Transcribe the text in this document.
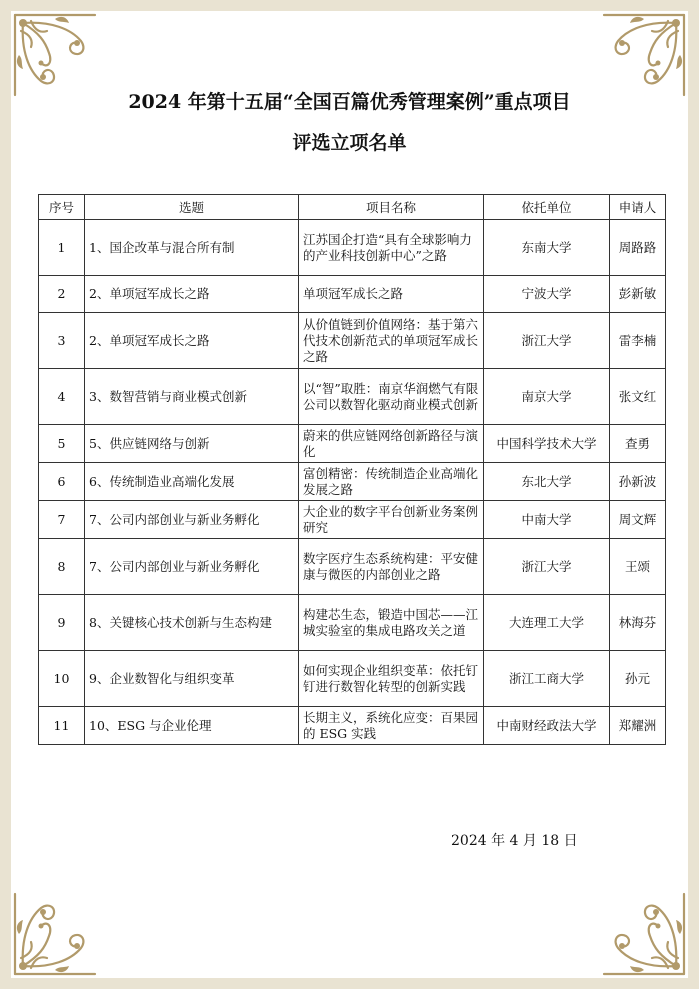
2024 年第十五届“全国百篇优秀管理案例”重点项目
评选立项名单
序号	选题	项目名称	依托单位	申请人
1	1、国企改革与混合所有制	江苏国企打造“具有全球影响力的产业科技创新中心”之路	东南大学	周路路
2	2、单项冠军成长之路	单项冠军成长之路	宁波大学	彭新敏
3	2、单项冠军成长之路	从价值链到价值网络：基于第六代技术创新范式的单项冠军成长之路	浙江大学	雷李楠
4	3、数智营销与商业模式创新	以“智”取胜：南京华润燃气有限公司以数智化驱动商业模式创新	南京大学	张文红
5	5、供应链网络与创新	蔚来的供应链网络创新路径与演化	中国科学技术大学	查勇
6	6、传统制造业高端化发展	富创精密：传统制造企业高端化发展之路	东北大学	孙新波
7	7、公司内部创业与新业务孵化	大企业的数字平台创新业务案例研究	中南大学	周文辉
8	7、公司内部创业与新业务孵化	数字医疗生态系统构建：平安健康与微医的内部创业之路	浙江大学	王颂
9	8、关键核心技术创新与生态构建	构建芯生态，锻造中国芯——江城实验室的集成电路攻关之道	大连理工大学	林海芬
10	9、企业数智化与组织变革	如何实现企业组织变革：依托钉钉进行数智化转型的创新实践	浙江工商大学	孙元
11	10、ESG 与企业伦理	长期主义，系统化应变：百果园的 ESG 实践	中南财经政法大学	郑耀洲
2024 年 4 月 18 日
